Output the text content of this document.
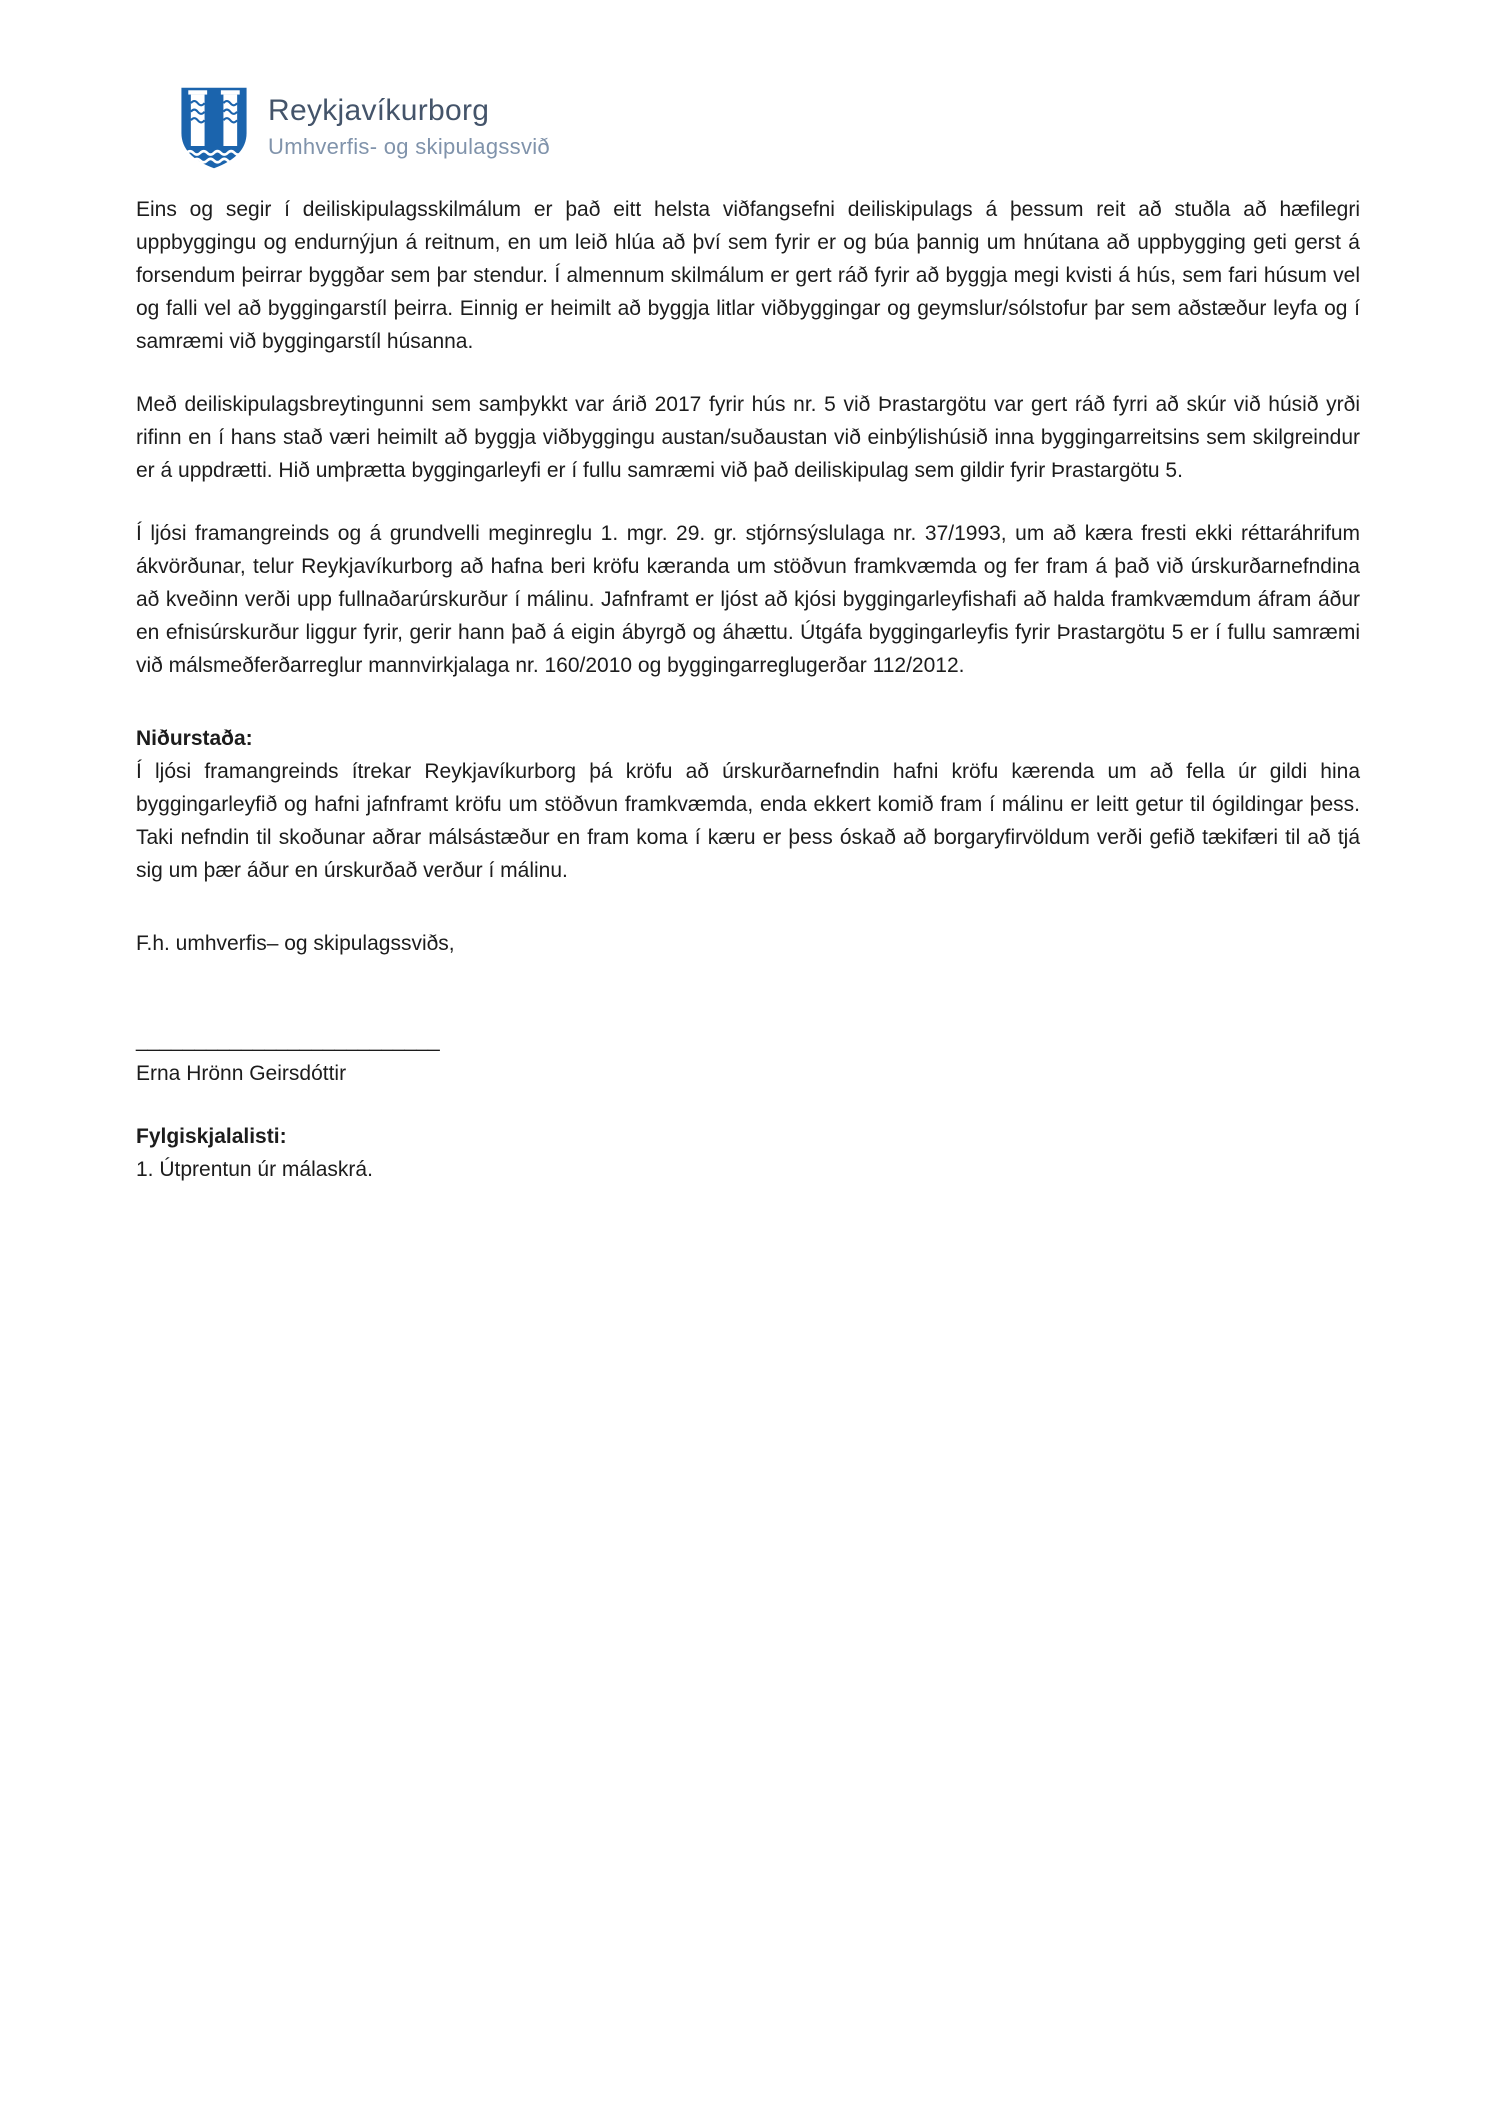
Reykjavíkurborg
Umhverfis- og skipulagssvið

Eins og segir í deiliskipulagsskilmálum er það eitt helsta viðfangsefni deiliskipulags á þessum reit að stuðla að hæfilegri uppbyggingu og endurnýjun á reitnum, en um leið hlúa að því sem fyrir er og búa þannig um hnútana að uppbygging geti gerst á forsendum þeirrar byggðar sem þar stendur. Í almennum skilmálum er gert ráð fyrir að byggja megi kvisti á hús, sem fari húsum vel og falli vel að byggingarstíl þeirra. Einnig er heimilt að byggja litlar viðbyggingar og geymslur/sólstofur þar sem aðstæður leyfa og í samræmi við byggingarstíl húsanna.

Með deiliskipulagsbreytingunni sem samþykkt var árið 2017 fyrir hús nr. 5 við Þrastargötu var gert ráð fyrri að skúr við húsið yrði rifinn en í hans stað væri heimilt að byggja viðbyggingu austan/suðaustan við einbýlishúsið inna byggingarreitsins sem skilgreindur er á uppdrætti. Hið umþrætta byggingarleyfi er í fullu samræmi við það deiliskipulag sem gildir fyrir Þrastargötu 5.

Í ljósi framangreinds og á grundvelli meginreglu 1. mgr. 29. gr. stjórnsýslulaga nr. 37/1993, um að kæra fresti ekki réttaráhrifum ákvörðunar, telur Reykjavíkurborg að hafna beri kröfu kæranda um stöðvun framkvæmda og fer fram á það við úrskurðarnefndina að kveðinn verði upp fullnaðarúrskurður í málinu. Jafnframt er ljóst að kjósi byggingarleyfishafi að halda framkvæmdum áfram áður en efnisúrskurður liggur fyrir, gerir hann það á eigin ábyrgð og áhættu. Útgáfa byggingarleyfis fyrir Þrastargötu 5 er í fullu samræmi við málsmeðferðarreglur mannvirkjalaga nr. 160/2010 og byggingarreglugerðar 112/2012.

Niðurstaða:

Í ljósi framangreinds ítrekar Reykjavíkurborg þá kröfu að úrskurðarnefndin hafni kröfu kærenda um að fella úr gildi hina byggingarleyfið og hafni jafnframt kröfu um stöðvun framkvæmda, enda ekkert komið fram í málinu er leitt getur til ógildingar þess. Taki nefndin til skoðunar aðrar málsástæður en fram koma í kæru er þess óskað að borgaryfirvöldum verði gefið tækifæri til að tjá sig um þær áður en úrskurðað verður í málinu.

F.h. umhverfis– og skipulagssviðs,

__________________________

Erna Hrönn Geirsdóttir

Fylgiskjalalisti:

1. Útprentun úr málaskrá.
